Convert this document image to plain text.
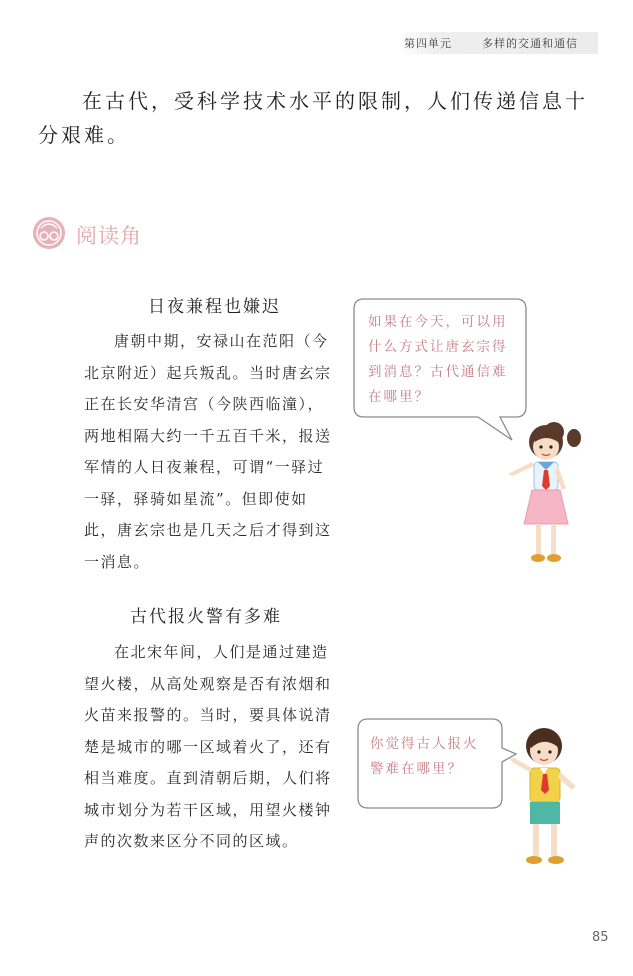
第四单元	多样的交通和通信
在古代，受科学技术水平的限制，人们传递信息十分艰难。
阅读角
日夜兼程也嫌迟
唐朝中期，安禄山在范阳（今北京附近）起兵叛乱。当时唐玄宗正在长安华清宫（今陕西临潼），两地相隔大约一千五百千米，报送军情的人日夜兼程，可谓“一驿过一驿，驿骑如星流”。但即使如此，唐玄宗也是几天之后才得到这一消息。
如果在今天，可以用什么方式让唐玄宗得到消息？古代通信难在哪里？
古代报火警有多难
在北宋年间，人们是通过建造望火楼，从高处观察是否有浓烟和火苗来报警的。当时，要具体说清楚是城市的哪一区域着火了，还有相当难度。直到清朝后期，人们将城市划分为若干区域，用望火楼钟声的次数来区分不同的区域。
你觉得古人报火警难在哪里？
85
